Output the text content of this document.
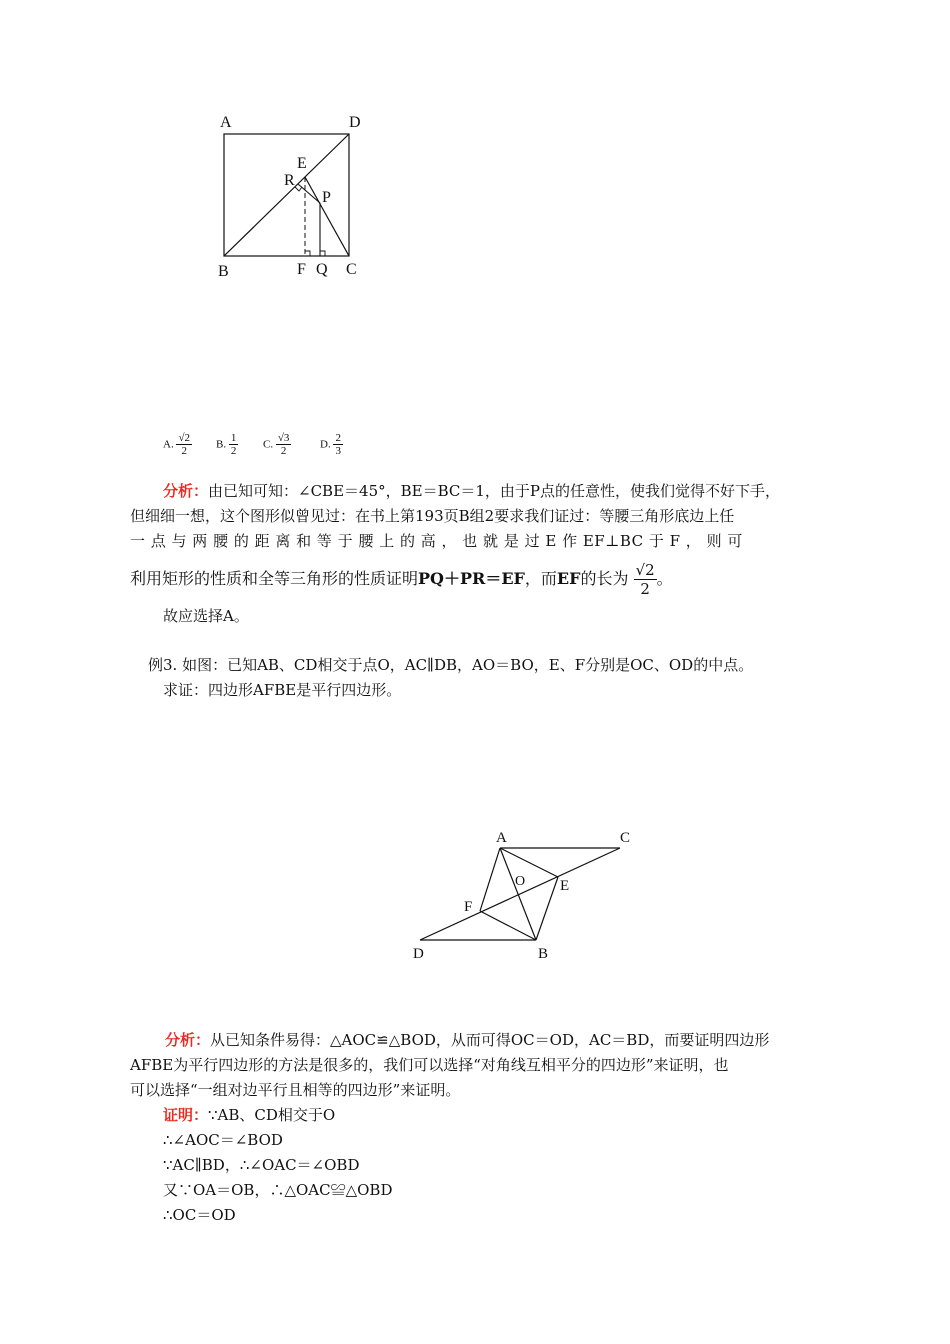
A	D
B	C
E
R
P
F Q
A. $\frac{√2}{2} B$. $\frac{1}{2} C$. $\frac{√3}{2}$	D. $\frac{2}{3}$
分析：由已知可知：∠CBE＝45°，BE＝BC＝1，由于P点的任意性，使我们觉得不好下手，
但细细一想，这个图形似曾见过：在书上第193页B组2要求我们证过：等腰三角形底边上任
一 点 与 两 腰 的 距 离 和 等 于 腰 上 的 高 ， 也 就 是 过 E 作 EF⊥BC 于 F ， 则 可
利用矩形的性质和全等三角形的性质证明PQ＋PR＝EF，而EF的长为 $\frac{√2}{2}$ 。
故应选择A。
例3. 如图：已知AB、CD相交于点O，AC∥DB，AO＝BO，E、F分别是OC、OD的中点。
求证：四边形AFBE是平行四边形。
A	C
O E
F
D	B
分析：从已知条件易得：△AOC≌△BOD，从而可得OC＝OD，AC＝BD，而要证明四边形
AFBE为平行四边形的方法是很多的，我们可以选择“对角线互相平分的四边形”来证明，也
可以选择“一组对边平行且相等的四边形”来证明。
证明：∵AB、CD相交于O
∴∠AOC＝∠BOD
∵AC∥BD，∴∠OAC＝∠OBD
又∵OA＝OB，∴△OAC≌△OBD
∴OC＝OD
